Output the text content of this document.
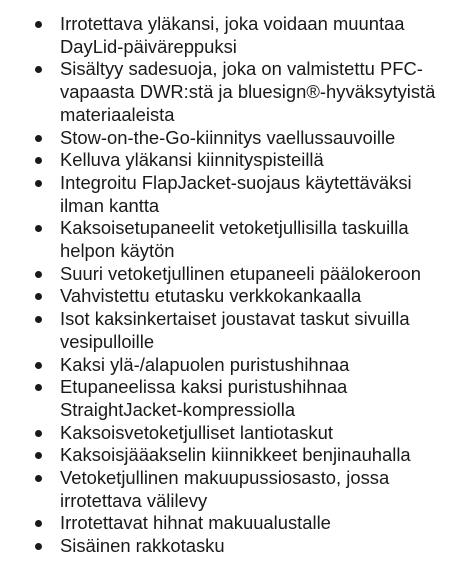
Irrotettava yläkansi, joka voidaan muuntaa DayLid-päiväreppuksi
Sisältyy sadesuoja, joka on valmistettu PFC-vapaasta DWR:stä ja bluesign®-hyväksytyistä materiaaleista
Stow-on-the-Go-kiinnitys vaellussauvoille
Kelluva yläkansi kiinnityspisteillä
Integroitu FlapJacket-suojaus käytettäväksi ilman kantta
Kaksoisetupaneelit vetoketjullisilla taskuilla helpon käytön
Suuri vetoketjullinen etupaneeli päälokeroon
Vahvistettu etutasku verkkokankaalla
Isot kaksinkertaiset joustavat taskut sivuilla vesipulloille
Kaksi ylä-/alapuolen puristushihnaa
Etupaneelissa kaksi puristushihnaa StraightJacket-kompressiolla
Kaksoisvetoketjulliset lantiotaskut
Kaksoisjääakselin kiinnikkeet benjinauhalla
Vetoketjullinen makuupussiosasto, jossa irrotettava välilevy
Irrotettavat hihnat makuualustalle
Sisäinen rakkotasku
